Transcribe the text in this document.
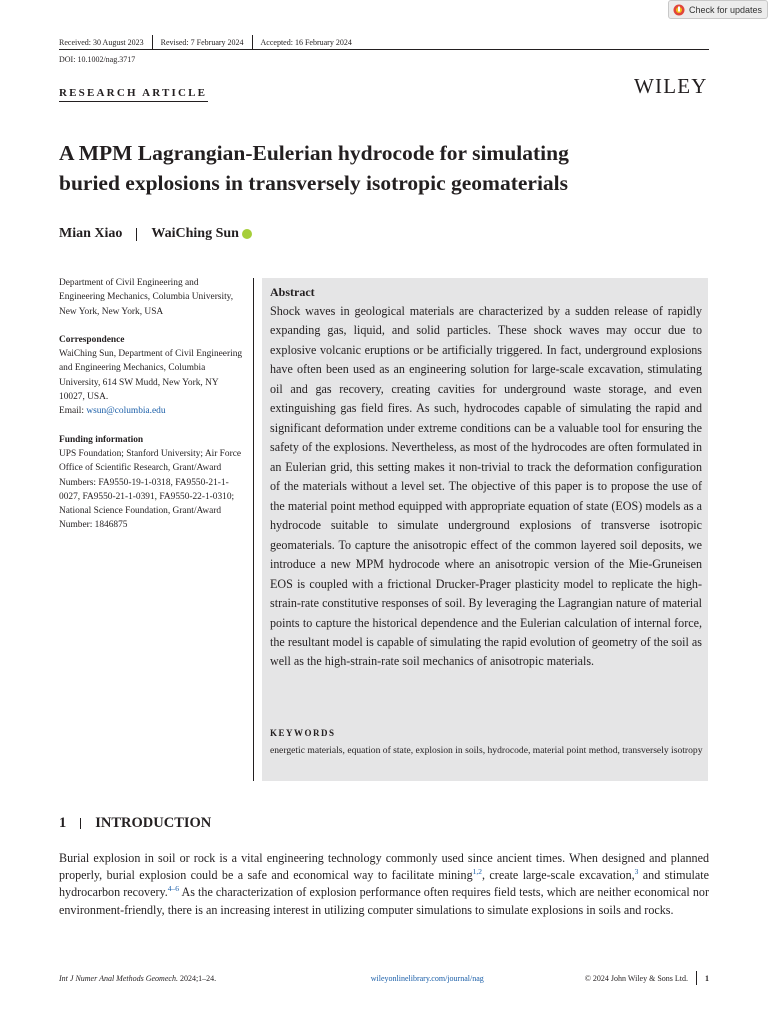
Check for updates
Received: 30 August 2023 Revised: 7 February 2024 Accepted: 16 February 2024
DOI: 10.1002/nag.3717
WILEY
RESEARCH ARTICLE
A MPM Lagrangian-Eulerian hydrocode for simulating
buried explosions in transversely isotropic geomaterials
Mian Xiao WaiChing Sun

Department of Civil Engineering and Engineering Mechanics, Columbia University, New York, New York, USA

Correspondence

WaiChing Sun, Department of Civil Engineering and Engineering Mechanics, Columbia University, 614 SW Mudd, New York, NY 10027, USA.
Email: wsun@columbia.edu

Funding information

UPS Foundation; Stanford University; Air Force Office of Scientific Research, Grant/Award Numbers: FA9550-19-1-0318, FA9550-21-1-0027, FA9550-21-1-0391, FA9550-22-1-0310; National Science Foundation, Grant/Award Number: 1846875

Abstract
Shock waves in geological materials are characterized by a sudden release of rapidly expanding gas, liquid, and solid particles. These shock waves may occur due to explosive volcanic eruptions or be artificially triggered. In fact, underground explosions have often been used as an engineering solution for large-scale excavation, stimulating oil and gas recovery, creating cavities for underground waste storage, and even extinguishing gas field fires. As such, hydrocodes capable of simulating the rapid and significant deformation under extreme conditions can be a valuable tool for ensuring the safety of the explosions. Nevertheless, as most of the hydrocodes are often formulated in an Eulerian grid, this setting makes it non-trivial to track the deformation configuration of the materials without a level set. The objective of this paper is to propose the use of the material point method equipped with appropriate equation of state (EOS) models as a hydrocode suitable to simulate underground explosions of transverse isotropic geomaterials. To capture the anisotropic effect of the common layered soil deposits, we introduce a new MPM hydrocode where an anisotropic version of the Mie-Gruneisen EOS is coupled with a frictional Drucker-Prager plasticity model to replicate the high-strain-rate constitutive responses of soil. By leveraging the Lagrangian nature of material points to capture the historical dependence and the Eulerian calculation of internal force, the resultant model is capable of simulating the rapid evolution of geometry of the soil as well as the high-strain-rate soil mechanics of anisotropic materials.
KEYWORDS
energetic materials, equation of state, explosion in soils, hydrocode, material point method, transversely isotropy
1 INTRODUCTION
Burial explosion in soil or rock is a vital engineering technology commonly used since ancient times. When designed and planned properly, burial explosion could be a safe and economical way to facilitate mining$^{1,2}$, create large-scale excavation,$^3$ and stimulate hydrocarbon recovery.$^{4-6}$ As the characterization of explosion performance often requires field tests, which are neither economical nor environment-friendly, there is an increasing interest in utilizing computer simulations to simulate explosions in soils and rocks.
Int J Numer Anal Methods Geomech. 2024;1–24.	wileyonlinelibrary.com/journal/nag	© 2024 John Wiley & Sons Ltd. 1
